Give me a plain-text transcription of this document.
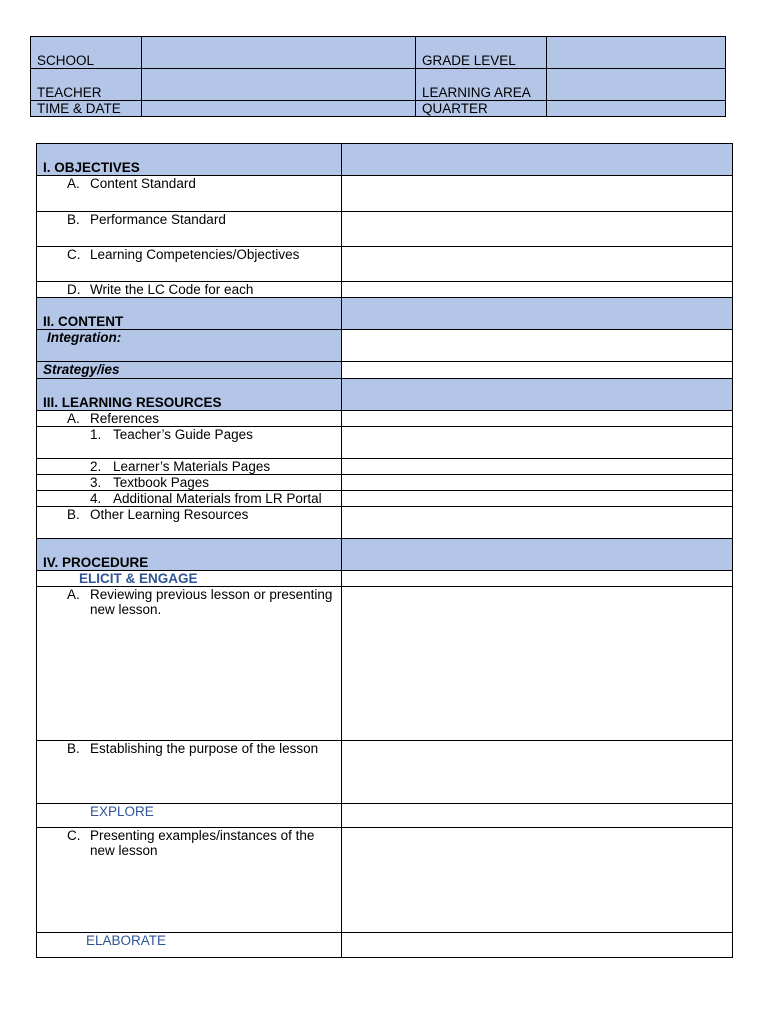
SCHOOL		GRADE LEVEL	
TEACHER		LEARNING AREA	
TIME & DATE		QUARTER	
I. OBJECTIVES	
A. Content Standard	
B. Performance Standard	
C. Learning Competencies/Objectives	
D. Write the LC Code for each	
II. CONTENT	
Integration:	
Strategy/ies	
III. LEARNING RESOURCES	
A. References	
1. Teacher’s Guide Pages	
2. Learner’s Materials Pages	
3. Textbook Pages	
4. Additional Materials from LR Portal	
B. Other Learning Resources	
IV. PROCEDURE	
ELICIT & ENGAGE	

A. Reviewing previous lesson or presenting new lesson.	

B. Establishing the purpose of the lesson	

EXPLORE	

C. Presenting examples/instances of the new lesson	

ELABORATE	
